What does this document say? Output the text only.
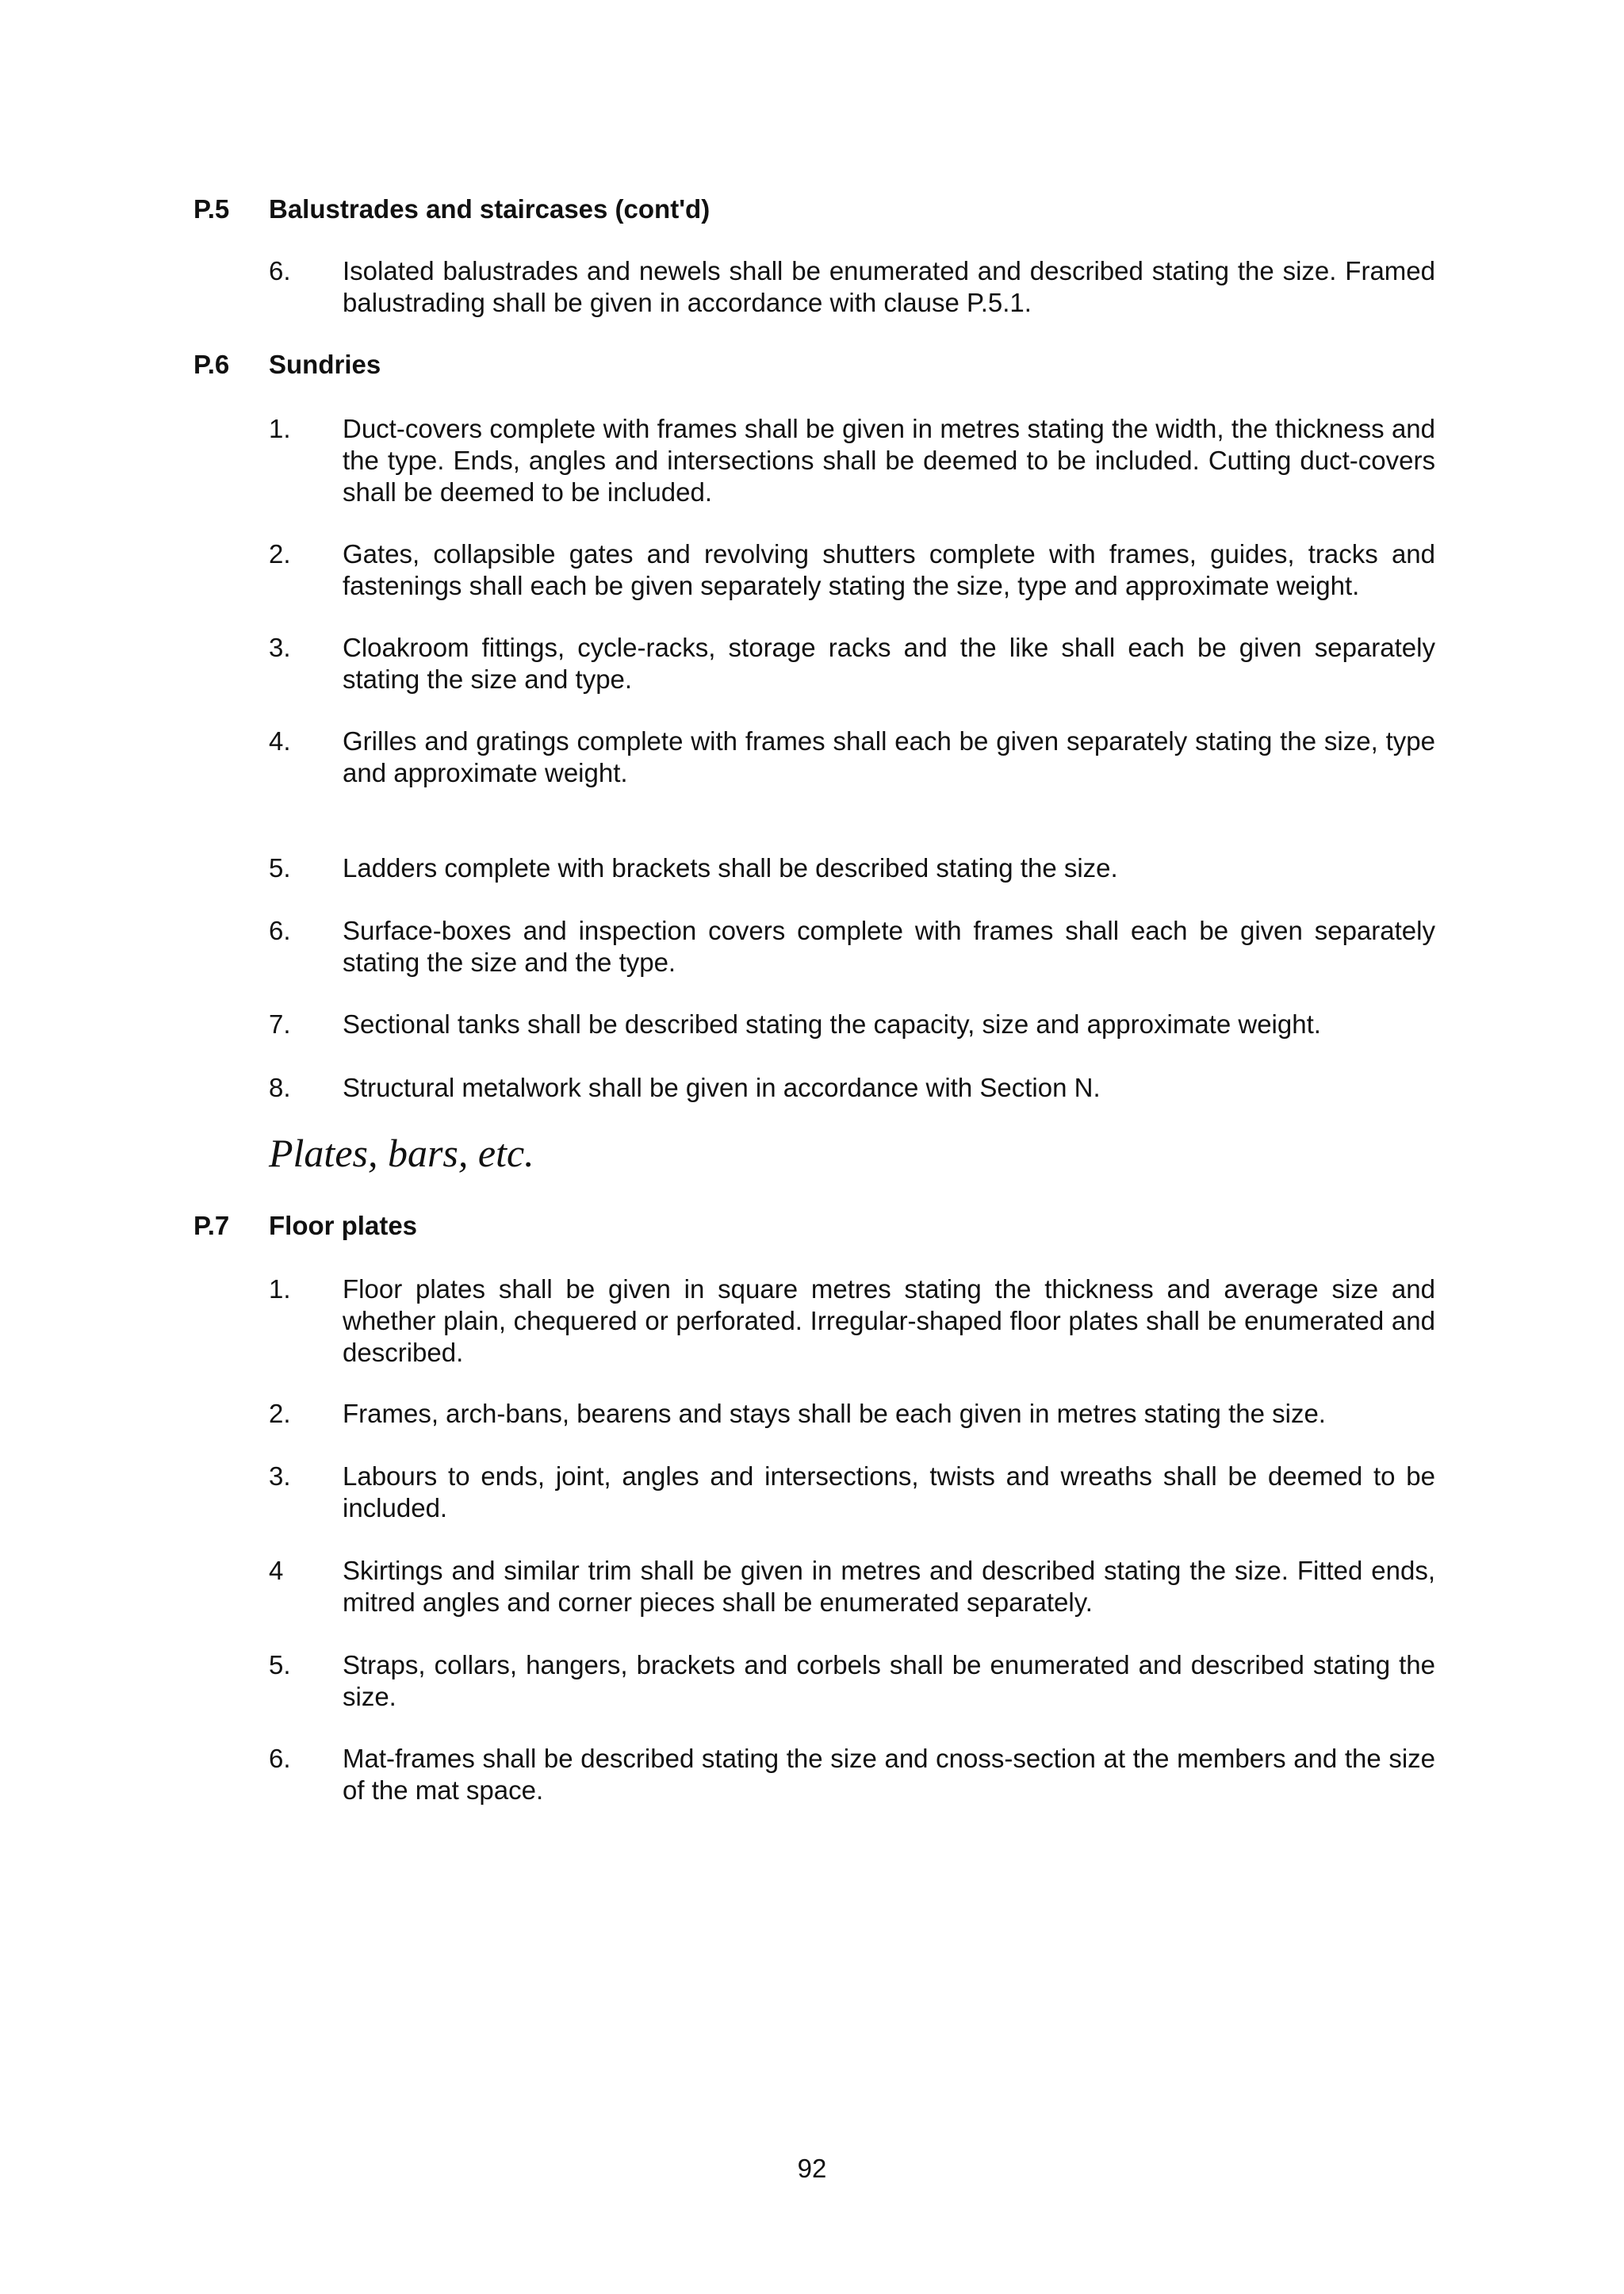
P.5 Balustrades and staircases (cont'd)
6. Isolated balustrades and newels shall be enumerated and described stating the size. Framed balustrading shall be given in accordance with clause P.5.1.
P.6 Sundries
1. Duct-covers complete with frames shall be given in metres stating the width, the thickness and the type. Ends, angles and intersections shall be deemed to be included. Cutting duct-covers shall be deemed to be included.
2. Gates, collapsible gates and revolving shutters complete with frames, guides, tracks and fastenings shall each be given separately stating the size, type and approximate weight.
3. Cloakroom fittings, cycle-racks, storage racks and the like shall each be given separately stating the size and type.
4. Grilles and gratings complete with frames shall each be given separately stating the size, type and approximate weight.
5. Ladders complete with brackets shall be described stating the size.
6. Surface-boxes and inspection covers complete with frames shall each be given separately stating the size and the type.
7. Sectional tanks shall be described stating the capacity, size and approximate weight.
8. Structural metalwork shall be given in accordance with Section N.
Plates, bars, etc.
P.7 Floor plates
1. Floor plates shall be given in square metres stating the thickness and average size and whether plain, chequered or perforated. Irregular-shaped floor plates shall be enumerated and described.
2. Frames, arch-bans, bearens and stays shall be each given in metres stating the size.
3. Labours to ends, joint, angles and intersections, twists and wreaths shall be deemed to be included.
4 Skirtings and similar trim shall be given in metres and described stating the size. Fitted ends, mitred angles and corner pieces shall be enumerated separately.
5. Straps, collars, hangers, brackets and corbels shall be enumerated and described stating the size.
6. Mat-frames shall be described stating the size and cnoss-section at the members and the size of the mat space.
92
